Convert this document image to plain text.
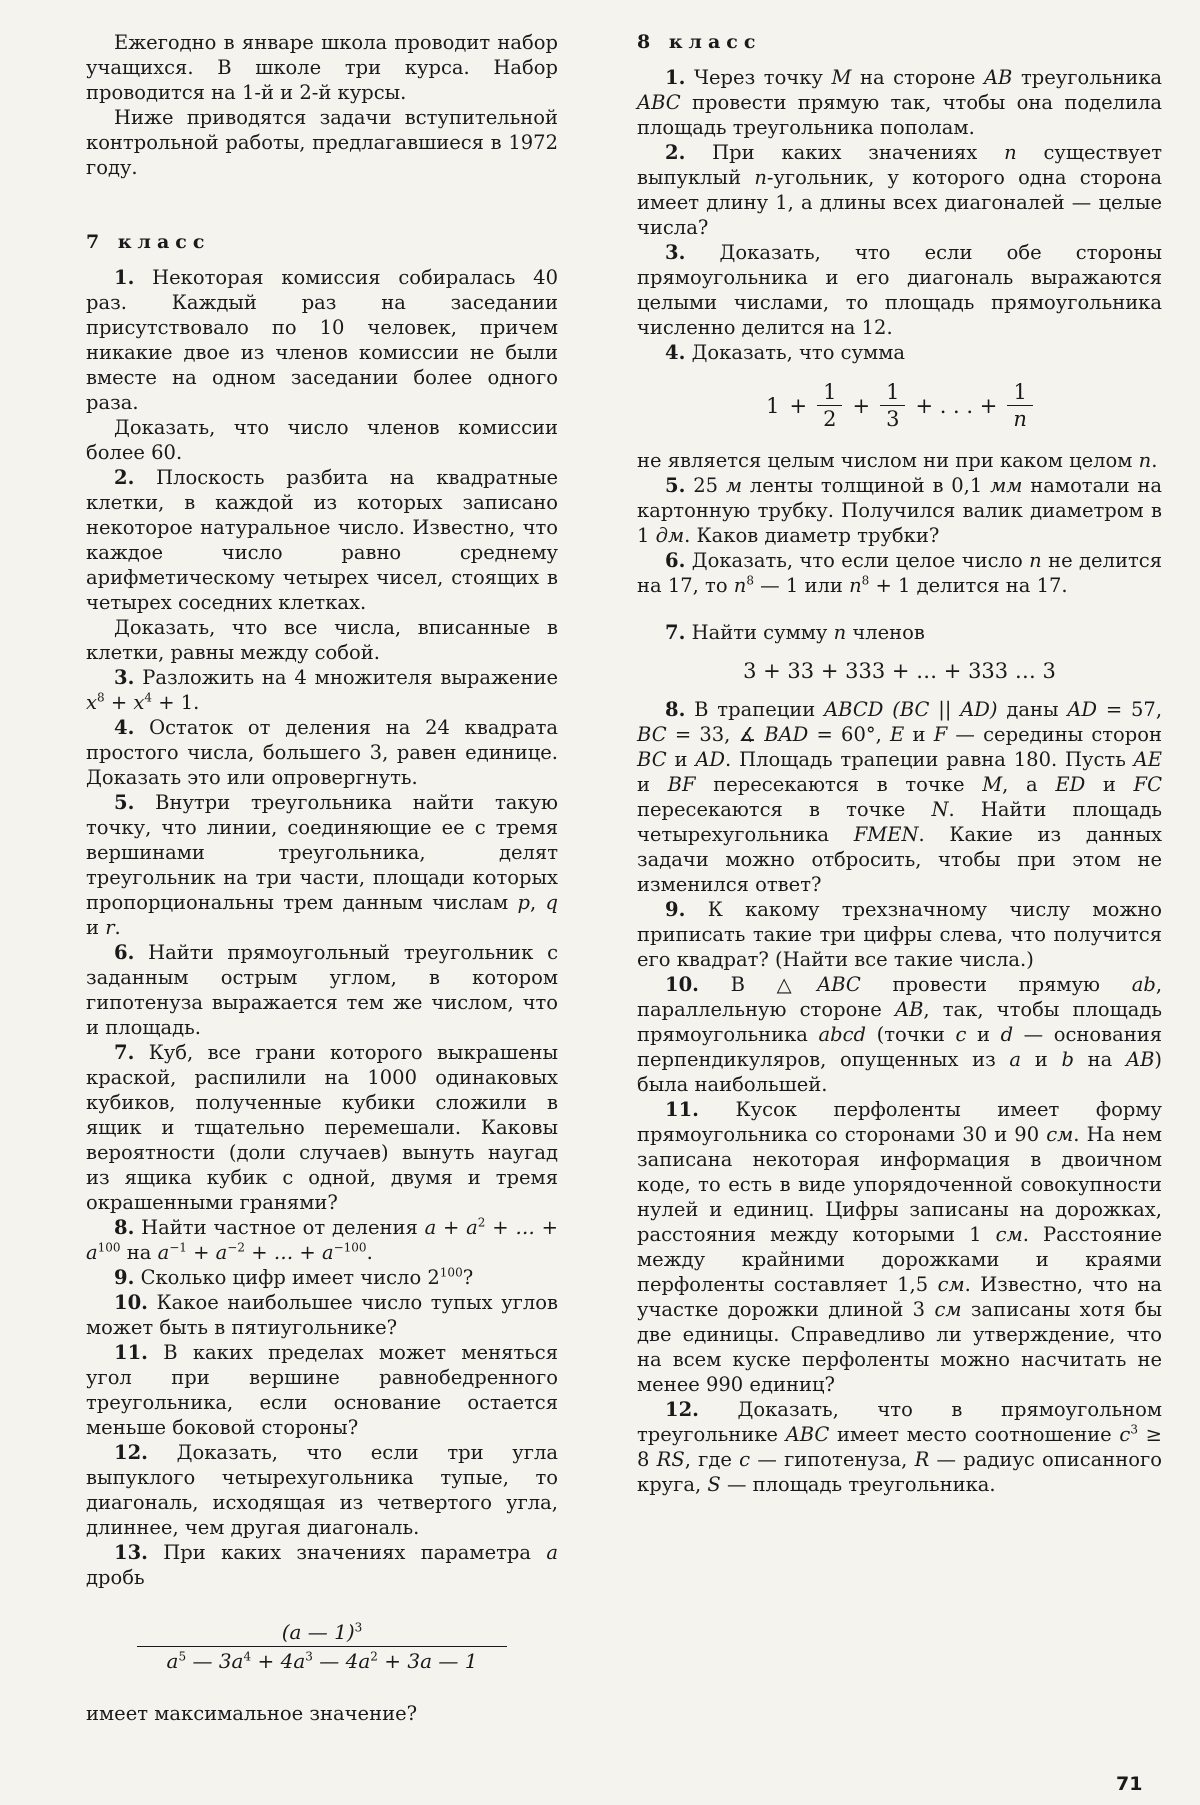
Ежегодно в январе школа проводит набор учащихся. В школе три курса. Набор проводится на 1-й и 2-й курсы.

Ниже приводятся задачи вступительной контрольной работы, предлагавшиеся в 1972 году.

7 класс

1. Некоторая комиссия собиралась 40 раз. Каждый раз на заседании присутствовало по 10 человек, причем никакие двое из членов комиссии не были вместе на одном заседании более одного раза.

Доказать, что число членов комиссии более 60.

2. Плоскость разбита на квадратные клетки, в каждой из которых записано некоторое натуральное число. Известно, что каждое число равно среднему арифметическому четырех чисел, стоящих в четырех соседних клетках.

Доказать, что все числа, вписанные в клетки, равны между собой.

3. Разложить на 4 множителя выражение $x^8 + x^4 + 1$.

4. Остаток от деления на 24 квадрата простого числа, большего 3, равен единице. Доказать это или опровергнуть.

5. Внутри треугольника найти такую точку, что линии, соединяющие ее с тремя вершинами треугольника, делят треугольник на три части, площади которых пропорциональны трем данным числам p, q и r.

6. Найти прямоугольный треугольник с заданным острым углом, в котором гипотенуза выражается тем же числом, что и площадь.

7. Куб, все грани которого выкрашены краской, распилили на 1000 одинаковых кубиков, полученные кубики сложили в ящик и тщательно перемешали. Каковы вероятности (доли случаев) вынуть наугад из ящика кубик с одной, двумя и тремя окрашенными гранями?

8. Найти частное от деления $a + a^2$ + … + $a^{100}$ на $a^{-1} + a^{-2}$ + … + $a^{-100}$.

9. Сколько цифр имеет число $2^{100}$?

10. Какое наибольшее число тупых углов может быть в пятиугольнике?

11. В каких пределах может меняться угол при вершине равнобедренного треугольника, если основание остается меньше боковой стороны?

12. Доказать, что если три угла выпуклого четырехугольника тупые, то диагональ, исходящая из четвертого угла, длиннее, чем другая диагональ.

13. При каких значениях параметра a дробь

(a — 1)$^3$
$a^5$ — $3a^4 + 4a^3$ — $4a^2 + 3a$ — 1

имеет максимальное значение?

8 класс

1. Через точку M на стороне AB треугольника ABC провести прямую так, чтобы она поделила площадь треугольника пополам.

2. При каких значениях n существует выпуклый n-угольник, у которого одна сторона имеет длину 1, а длины всех диагоналей — целые числа?

3. Доказать, что если обе стороны прямоугольника и его диагональ выражаются целыми числами, то площадь прямоугольника численно делится на 12.

4. Доказать, что сумма

$1 + \frac{1}{2} + \frac{1}{3}$ + . . . + $\frac{1}{n}$

не является целым числом ни при каком целом n.

5. 25 м ленты толщиной в 0,1 мм намотали на картонную трубку. Получился валик диаметром в 1 дм. Каков диаметр трубки?

6. Доказать, что если целое число n не делится на 17, то $n^8$ — 1 или $n^8 + 1$ делится на 17.

7. Найти сумму n членов

3 + 33 + 333 + … + 333 … 3

8. В трапеции ABCD (BC || AD) даны AD = 57, BC = 33, ∡ BAD = 60°, E и F — середины сторон BC и AD. Площадь трапеции равна 180. Пусть AE и BF пересекаются в точке M, а ED и FC пересекаются в точке N. Найти площадь четырехугольника FMEN. Какие из данных задачи можно отбросить, чтобы при этом не изменился ответ?

9. К какому трехзначному числу можно приписать такие три цифры слева, что получится его квадрат? (Найти все такие числа.)

10. В △ABC провести прямую ab, параллельную стороне AB, так, чтобы площадь прямоугольника abcd (точки c и d — основания перпендикуляров, опущенных из a и b на AB) была наибольшей.

11. Кусок перфоленты имеет форму прямоугольника со сторонами 30 и 90 см. На нем записана некоторая информация в двоичном коде, то есть в виде упорядоченной совокупности нулей и единиц. Цифры записаны на дорожках, расстояния между которыми 1 см. Расстояние между крайними дорожками и краями перфоленты составляет 1,5 см. Известно, что на участке дорожки длиной 3 см записаны хотя бы две единицы. Справедливо ли утверждение, что на всем куске перфоленты можно насчитать не менее 990 единиц?

12. Доказать, что в прямоугольном треугольнике ABC имеет место соотношение $c^3 \ge 8$ RS, где c — гипотенуза, R — радиус описанного круга, S — площадь треугольника.

71
